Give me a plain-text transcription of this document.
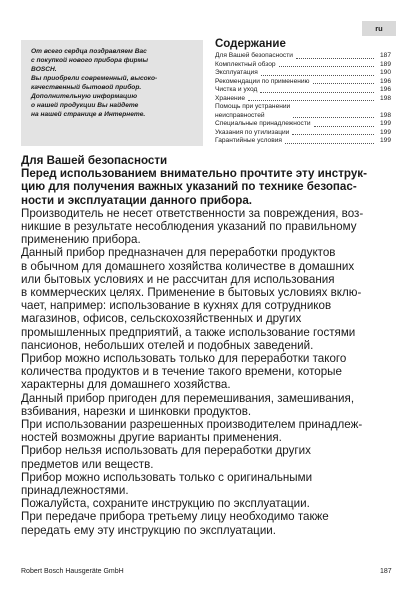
ru

От всего сердца поздравляем Вас
с покупкой нового прибора фирмы
BOSCH.
Вы приобрели современный, высоко-
качественный бытовой прибор.
Дополнительную информацию
о нашей продукции Вы найдете
на нашей странице в Интернете.

Содержание
Для Вашей безопасности	187
Комплектный обзор	189
Эксплуатация	190
Рекомендации по применению	196
Чистка и уход	196
Хранение	198
Помощь при устранении
неисправностей	198
Специальные принадлежности	199
Указания по утилизации	199
Гарантийные условия	199
Для Вашей безопасности

Перед использованием внимательно прочтите эту инструк-
цию для получения важных указаний по технике безопас-
ности и эксплуатации данного прибора.

Производитель не несет ответственности за повреждения, воз-
никшие в результате несоблюдения указаний по правильному
применению прибора.

Данный прибор предназначен для переработки продуктов
в обычном для домашнего хозяйства количестве в домашних
или бытовых условиях и не рассчитан для использования
в коммерческих целях. Применение в бытовых условиях вклю-
чает, например: использование в кухнях для сотрудников
магазинов, офисов, сельскохозяйственных и других
промышленных предприятий, а также использование гостями
пансионов, небольших отелей и подобных заведений.

Прибор можно использовать только для переработки такого
количества продуктов и в течение такого времени, которые
характерны для домашнего хозяйства.

Данный прибор пригоден для перемешивания, замешивания,
взбивания, нарезки и шинковки продуктов.

При использовании разрешенных производителем принадлеж-
ностей возможны другие варианты применения.

Прибор нельзя использовать для переработки других
предметов или веществ.

Прибор можно использовать только с оригинальными
принадлежностями.

Пожалуйста, сохраните инструкцию по эксплуатации.

При передаче прибора третьему лицу необходимо также
передать ему эту инструкцию по эксплуатации.

Robert Bosch Hausgeräte GmbH	187
